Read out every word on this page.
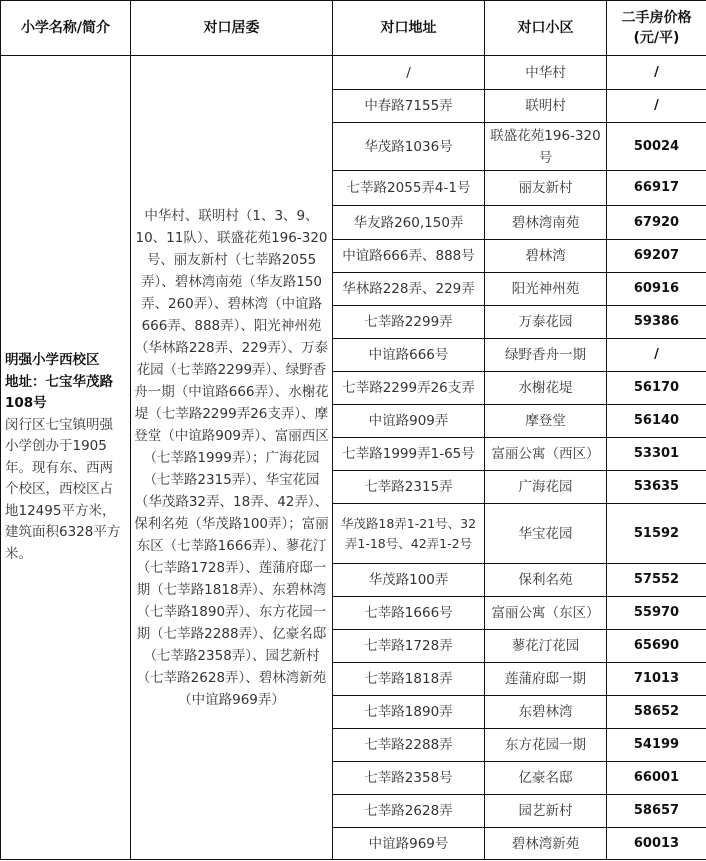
小学名称/简介	对口居委	对口地址	对口小区	二手房价格
(元/平)

明强小学西校区
地址：七宝华茂路108号
闵行区七宝镇明强小学创办于1905年。现有东、西两个校区，西校区占地12495平方米，建筑面积6328平方米。
	中华村、联明村（1、3、9、10、11队）、联盛花苑196-320号、丽友新村（七莘路2055弄）、碧林湾南苑（华友路150弄、260弄）、碧林湾（中谊路666弄、888弄）、阳光神州苑（华林路228弄、229弄）、万泰花园（七莘路2299弄）、绿野香舟一期（中谊路666弄）、水榭花堤（七莘路2299弄26支弄）、摩登堂（中谊路909弄）、富丽西区（七莘路1999弄）；广海花园（七莘路2315弄）、华宝花园（华茂路32弄、18弄、42弄）、保利名苑（华茂路100弄）；富丽东区（七莘路1666弄）、蓼花汀（七莘路1728弄）、莲蒲府邸一期（七莘路1818弄）、东碧林湾（七莘路1890弄）、东方花园一期（七莘路2288弄）、亿豪名邸（七莘路2358弄）、园艺新村（七莘路2628弄）、碧林湾新苑（中谊路969弄）	/	中华村	/
		中春路7155弄	联明村	/
		华茂路1036号	联盛花苑196-320号	50024
		七莘路2055弄4-1号	丽友新村	66917
		华友路260,150弄	碧林湾南苑	67920
		中谊路666弄、888号	碧林湾	69207
		华林路228弄、229弄	阳光神州苑	60916
		七莘路2299弄	万泰花园	59386
		中谊路666号	绿野香舟一期	/
		七莘路2299弄26支弄	水榭花堤	56170
		中谊路909弄	摩登堂	56140
		七莘路1999弄1-65号	富丽公寓（西区）	53301
		七莘路2315弄	广海花园	53635
		华茂路18弄1-21号、32弄1-18号、42弄1-2号	华宝花园	51592
		华茂路100弄	保利名苑	57552
		七莘路1666号	富丽公寓（东区）	55970
		七莘路1728弄	蓼花汀花园	65690
		七莘路1818弄	莲蒲府邸一期	71013
		七莘路1890弄	东碧林湾	58652
		七莘路2288弄	东方花园一期	54199
		七莘路2358号	亿豪名邸	66001
		七莘路2628弄	园艺新村	58657
		中谊路969号	碧林湾新苑	60013
